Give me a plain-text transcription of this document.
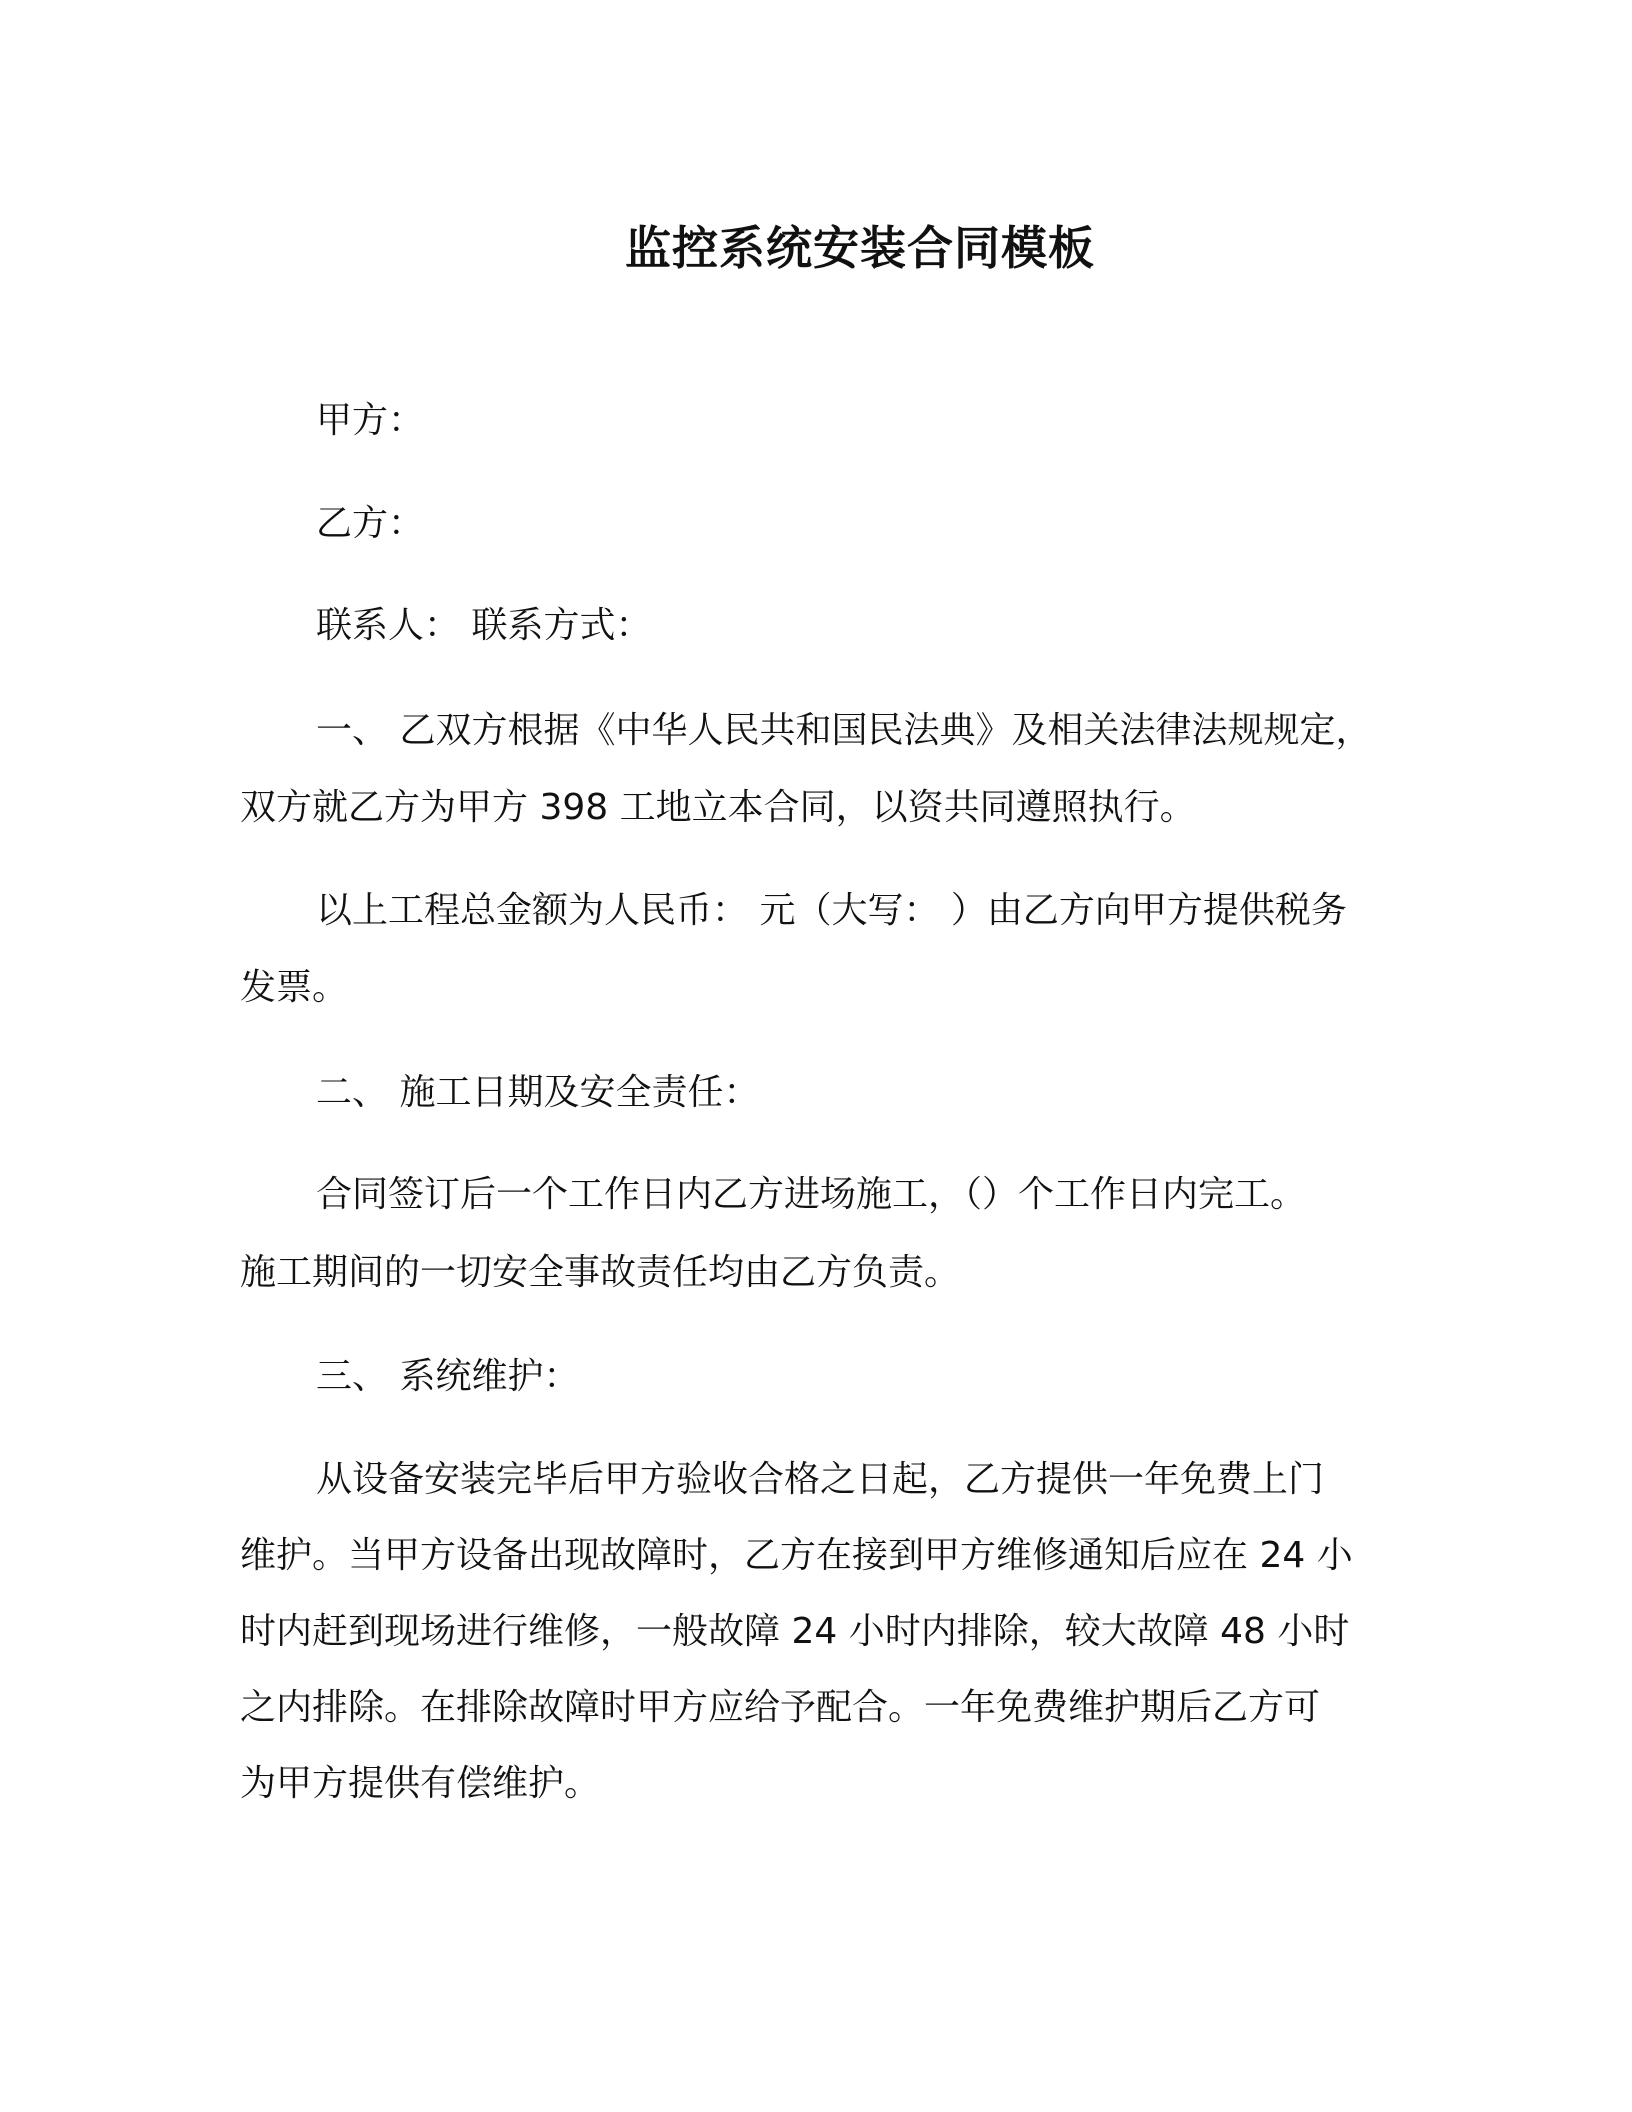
监控系统安装合同模板
甲方：
乙方：
联系人： 联系方式：
一、 乙双方根据《中华人民共和国民法典》及相关法律法规规定，
双方就乙方为甲方 398 工地立本合同，以资共同遵照执行。
以上工程总金额为人民币： 元（大写： ）由乙方向甲方提供税务
发票。
二、 施工日期及安全责任：
合同签订后一个工作日内乙方进场施工，（）个工作日内完工。
施工期间的一切安全事故责任均由乙方负责。
三、 系统维护：
从设备安装完毕后甲方验收合格之日起，乙方提供一年免费上门
维护。当甲方设备出现故障时，乙方在接到甲方维修通知后应在 24 小
时内赶到现场进行维修，一般故障 24 小时内排除，较大故障 48 小时
之内排除。在排除故障时甲方应给予配合。一年免费维护期后乙方可
为甲方提供有偿维护。
